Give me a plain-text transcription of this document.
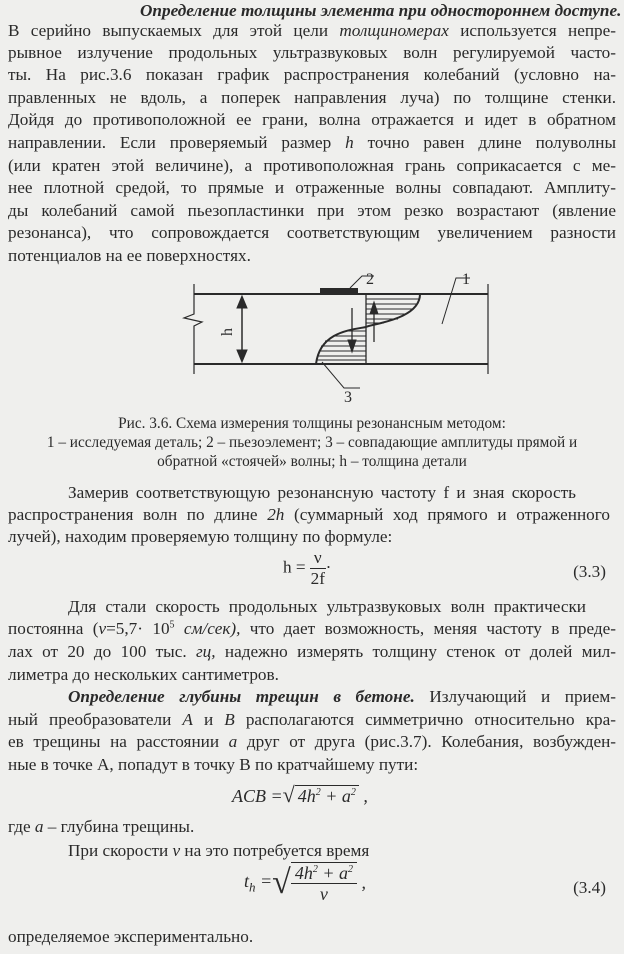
Определение толщины элемента при одностороннем доступе.
В серийно выпускаемых для этой цели толщиномерах используется непре-
рывное излучение продольных ультразвуковых волн регулируемой часто-
ты. На рис.3.6 показан график распространения колебаний (условно на-
правленных не вдоль, а поперек направления луча) по толщине стенки.
Дойдя до противоположной ее грани, волна отражается и идет в обратном
направлении. Если проверяемый размер h точно равен длине полуволны
(или кратен этой величине), а противоположная грань соприкасается с ме-
нее плотной средой, то прямые и отраженные волны совпадают. Амплиту-
ды колебаний самой пьезопластинки при этом резко возрастают (явление
резонанса), что сопровождается соответствующим увеличением разности
потенциалов на ее поверхностях.
2	1
h
3
Рис. 3.6. Схема измерения толщины резонансным методом:
1 – исследуемая деталь; 2 – пьезоэлемент; 3 – совпадающие амплитуды прямой и
обратной «стоячей» волны; h – толщина детали
Замерив соответствующую резонансную частоту f и зная скорость
распространения волн по длине 2h (суммарный ход прямого и отраженного
лучей), находим проверяемую толщину по формуле:
$h = \frac{\nu}{2f}$ ·	(3.3)
Для стали скорость продольных ультразвуковых волн практически
постоянна ($v=5,7\cdot 10^5$ см/сек), что дает возможность, меняя частоту в преде-
лах от 20 до 100 тыс. гц, надежно измерять толщину стенок от долей мил-
лиметра до нескольких сантиметров.
Определение глубины трещин в бетоне. Излучающий и прием-
ный преобразователи A и B располагаются симметрично относительно кра-
ев трещины на расстоянии a друг от друга (рис.3.7). Колебания, возбужден-
ные в точке А, попадут в точку В по кратчайшему пути:
ACB =√ $4h^2 + a^2$ ,
где a – глубина трещины.
При скорости v на это потребуется время
$t_h$ =√ $\frac{4h^2 + a^2}{\nu}$ ,	(3.4)
определяемое экспериментально.
